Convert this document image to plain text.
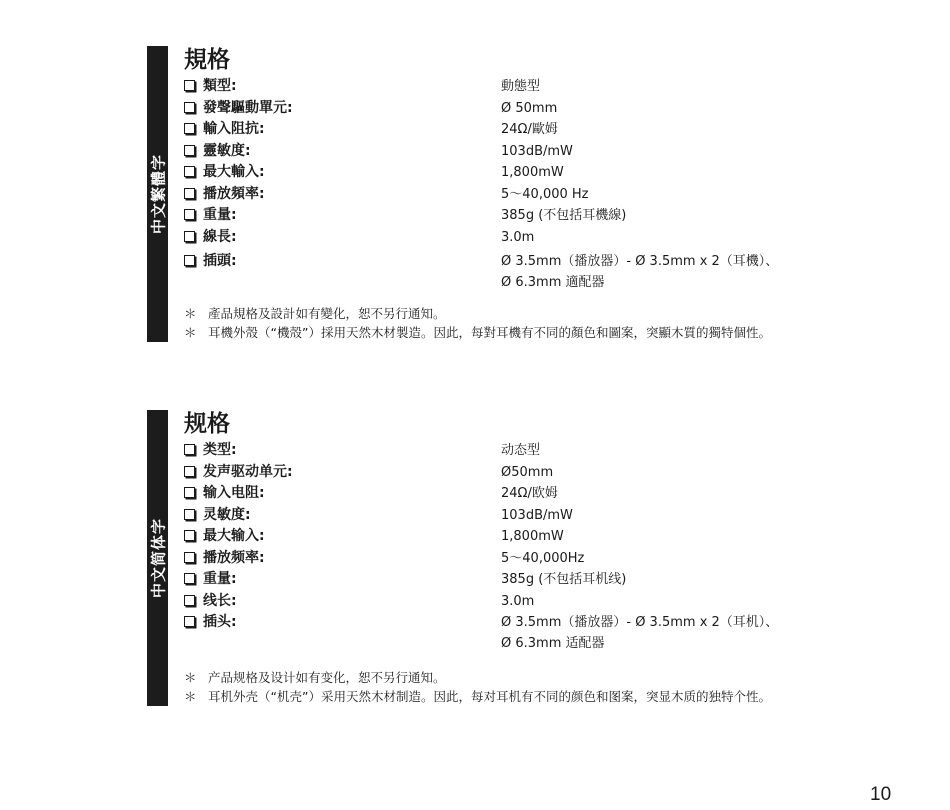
中文繁體字
規格
類型:	動態型
發聲驅動單元:	Ø 50mm
輸入阻抗:	24Ω/歐姆
靈敏度:	103dB/mW
最大輸入:	1,800mW
播放頻率:	5～40,000 Hz
重量:	385g (不包括耳機線)
線長:	3.0m
插頭:	Ø 3.5mm（播放器）- Ø 3.5mm x 2（耳機）、
Ø 6.3mm 適配器
＊ 產品規格及設計如有變化，恕不另行通知。
＊ 耳機外殼（“機殼”）採用天然木材製造。因此，每對耳機有不同的顏色和圖案，突顯木質的獨特個性。
中文简体字
规格
类型:	动态型
发声驱动单元:	Ø50mm
输入电阻:	24Ω/欧姆
灵敏度:	103dB/mW
最大输入:	1,800mW
播放频率:	5～40,000Hz
重量:	385g (不包括耳机线)
线长:	3.0m
插头:	Ø 3.5mm（播放器）- Ø 3.5mm x 2（耳机）、
Ø 6.3mm 适配器
＊ 产品规格及设计如有变化，恕不另行通知。
＊ 耳机外壳（“机壳”）采用天然木材制造。因此，每对耳机有不同的颜色和图案，突显木质的独特个性。
10
